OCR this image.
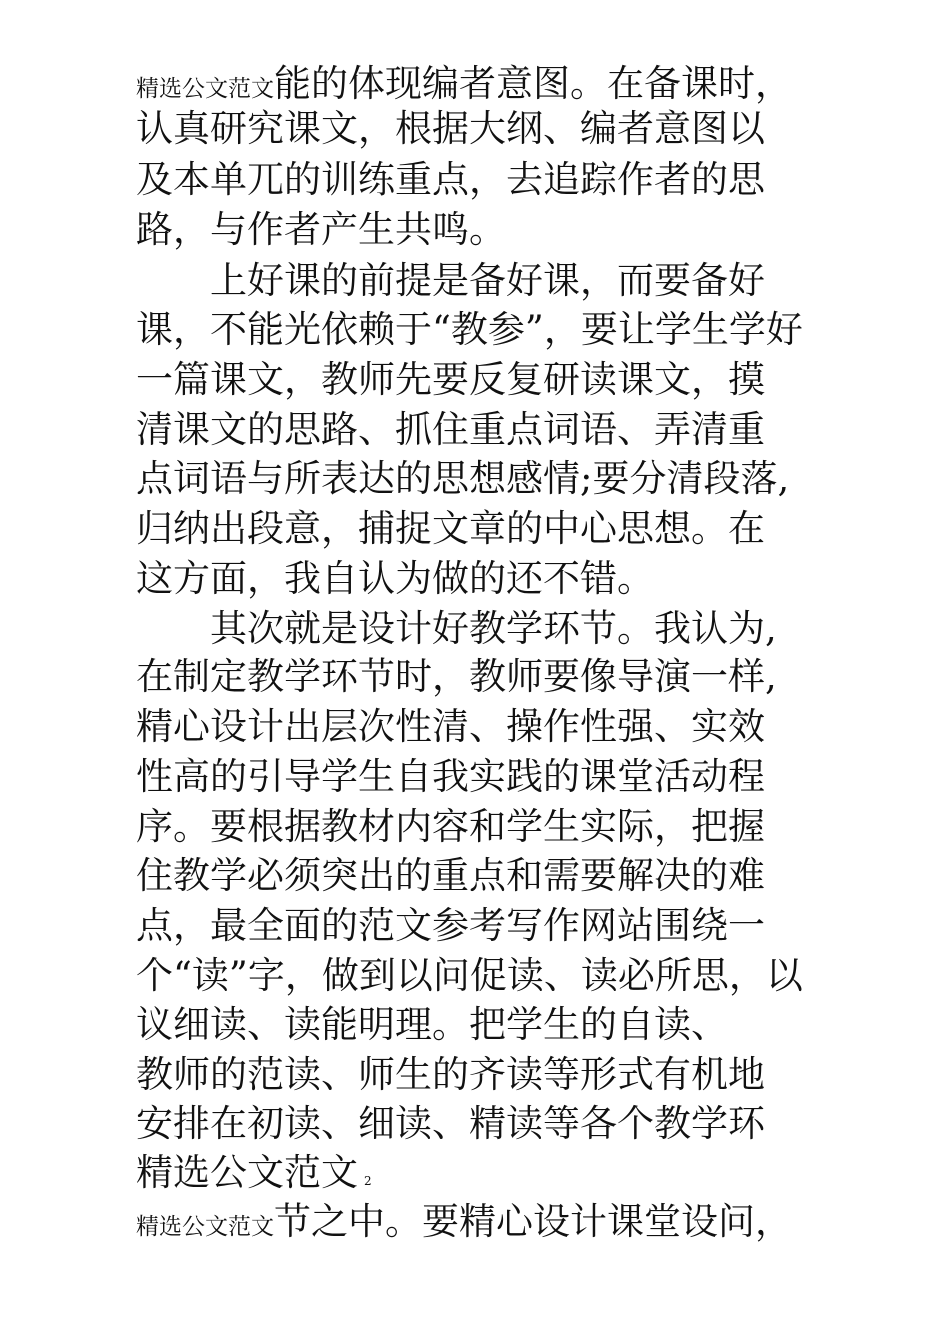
精选公文范文能的体现编者意图。在备课时，
认真研究课文，根据大纲、编者意图以
及本单兀的训练重点，去追踪作者的思
路，与作者产生共鸣。
上好课的前提是备好课，而要备好
课，不能光依赖于“教参”，要让学生学好
一篇课文，教师先要反复研读课文，摸
清课文的思路、抓住重点词语、弄清重
点词语与所表达的思想感情;要分清段落,
归纳出段意，捕捉文章的中心思想。在
这方面，我自认为做的还不错。
其次就是设计好教学环节。我认为,
在制定教学环节时，教师要像导演一样,
精心设计出层次性清、操作性强、实效
性高的引导学生自我实践的课堂活动程
序。要根据教材内容和学生实际，把握
住教学必须突出的重点和需要解决的难
点，最全面的范文参考写作网站围绕一
个“读”字，做到以问促读、读必所思，以
议细读、读能明理。把学生的自读、
教师的范读、师生的齐读等形式有机地
安排在初读、细读、精读等各个教学环
精选公文范文 2
精选公文范文节之中。要精心设计课堂设问，
